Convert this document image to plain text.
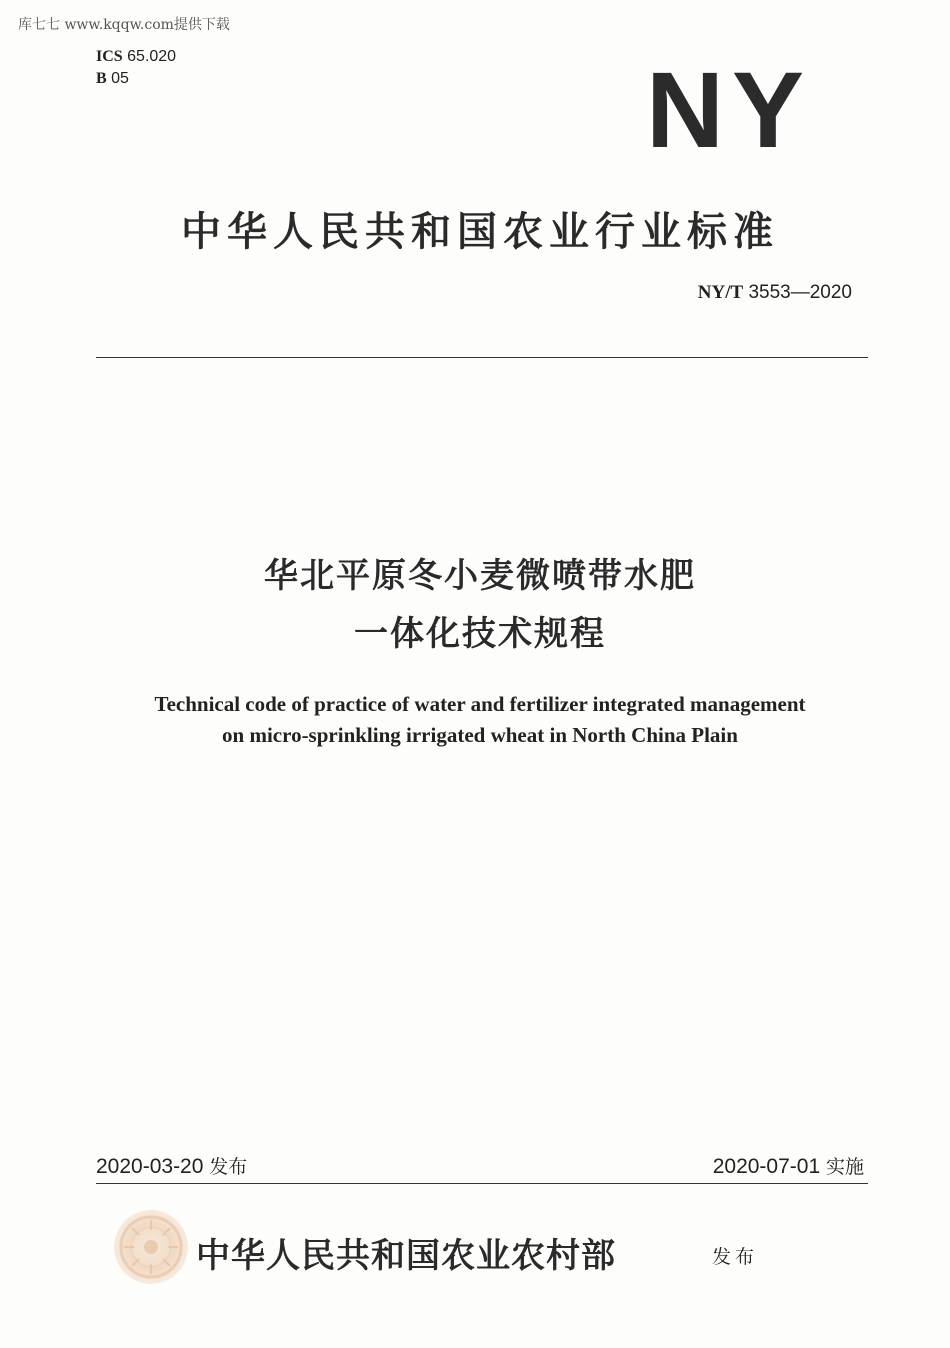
库七七 www.kqqw.com提供下载
ICS 65.020
B 05	NY
中华人民共和国农业行业标准
NY/T 3553—2020
华北平原冬小麦微喷带水肥
一体化技术规程
Technical code of practice of water and fertilizer integrated management
on micro-sprinkling irrigated wheat in North China Plain
2020-03-20 发布	2020-07-01 实施
中华人民共和国农业农村部	发布
